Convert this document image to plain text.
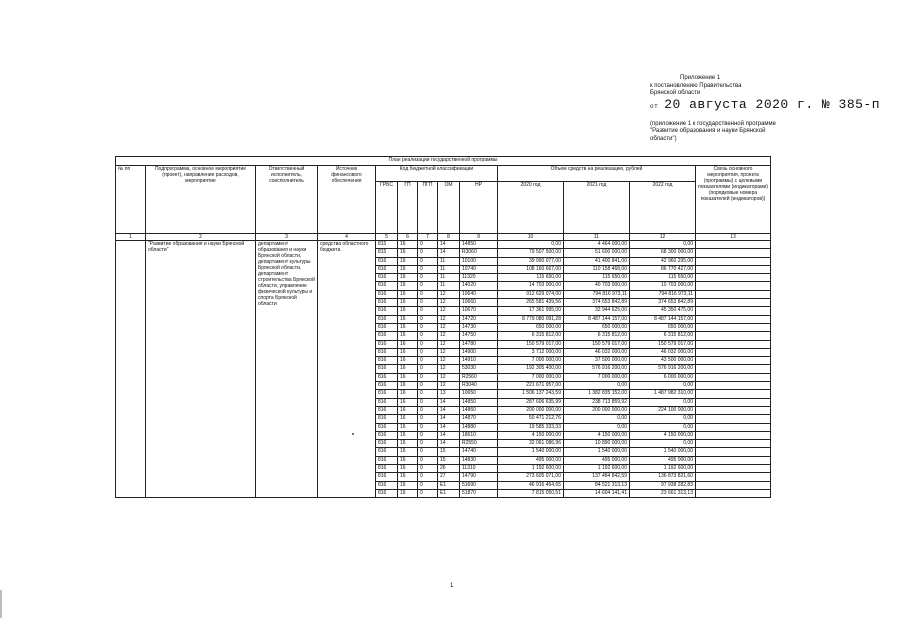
Приложение 1
к постановлению Правительства
Брянской области
от 20 августа 2020 г. № 385-п
(приложение 1 к государственной программе
"Развитие образования и науки Брянской
области")
План реализации государственной программы												
№ пп	Подпрограмма, основное мероприятие (проект), направление расходов, мероприятие	Ответственный исполнитель, соисполнитель	Источник финансового обеспечения	Код бюджетной классификации					Объем средств на реализацию, рублей			Связь основного мероприятия, проекта (программы) с целевыми показателями (индикаторами) (порядковые номера показателей (индикаторов))
				ГРБС	ГП	ПГП	ОМ	НР	2020 год	2021 год	2022 год	
1	2	3	4	5	6	7	8	9	10	11	12	13
	"Развитие образования и науки Брянской области"	департамент образования и науки Брянской области, департамент культуры Брянской области, департамент строительства Брянской области, управление физической культуры и спорта Брянской области	средства областного бюджета	815	16	0	14	14850	0,00	4 464 000,00	0,00	
				815	16	0	14	R3060	79 507 500,00	51 600 000,00	68 300 000,00	
				816	16	0	11	10100	39 990 077,00	41 400 841,00	42 960 295,00	
				816	16	0	11	10740	108 160 667,00	110 158 468,00	86 770 427,00	
				816	16	0	11	11320	115 650,00	115 650,00	115 650,00	
				816	16	0	11	14020	14 703 000,00	40 703 000,00	10 703 000,00	
				816	16	0	12	10640	912 629 074,00	794 816 973,11	794 816 973,11	
				816	16	0	12	10660	265 581 439,56	374 653 842,89	374 653 842,89	
				816	16	0	12	10670	17 361 995,00	32 944 625,00	45 350 475,00	
				816	16	0	12	14720	8 779 080 091,28	8 487 144 157,00	8 487 144 157,00	
				816	16	0	12	14730	650 000,00	650 000,00	650 000,00	
				816	16	0	12	14750	6 315 812,00	6 315 812,00	6 315 812,00	
				816	16	0	12	14780	150 579 017,00	150 579 017,00	150 579 017,00	
				816	16	0	12	14900	3 712 000,00	46 032 000,00	46 032 000,00	
				816	16	0	12	14910	7 000 000,00	37 500 000,00	43 500 000,00	
				816	16	0	12	53030	192 305 400,00	576 916 200,00	576 916 200,00	
				816	16	0	12	R2560	7 000 000,00	7 000 000,00	6 000 000,00	
				816	16	0	12	R3040	221 671 957,00	0,00	0,00	
				816	16	0	13	10650	1 506 137 243,59	1 382 835 152,00	1 487 982 310,00	
				816	16	0	14	14850	287 606 635,99	238 713 859,92	0,00	
				816	16	0	14	14860	200 000 000,00	200 000 000,00	224 100 000,00	
				816	16	0	14	14870	50 471 212,76	0,00	0,00	
				816	16	0	14	14880	19 585 333,33	0,00	0,00	
				816	16	0	14	18610	4 150 000,00	4 150 000,00	4 150 000,00	
				816	16	0	14	R2550	32 061 086,96	10 890 000,00	0,00	
				816	16	0	15	14740	1 540 000,00	1 540 000,00	1 540 000,00	
				816	16	0	15	14830	495 000,00	495 000,00	495 000,00	
				816	16	0	26	11310	1 192 600,00	1 192 600,00	1 192 600,00	
				816	16	0	27	14790	273 605 071,00	137 484 842,59	136 873 821,60	
				816	16	0	E1	51690	46 916 464,65	84 521 313,13	97 938 282,83	
				816	16	0	E1	51870	7 815 050,51	14 604 141,41	23 661 313,13	
1
